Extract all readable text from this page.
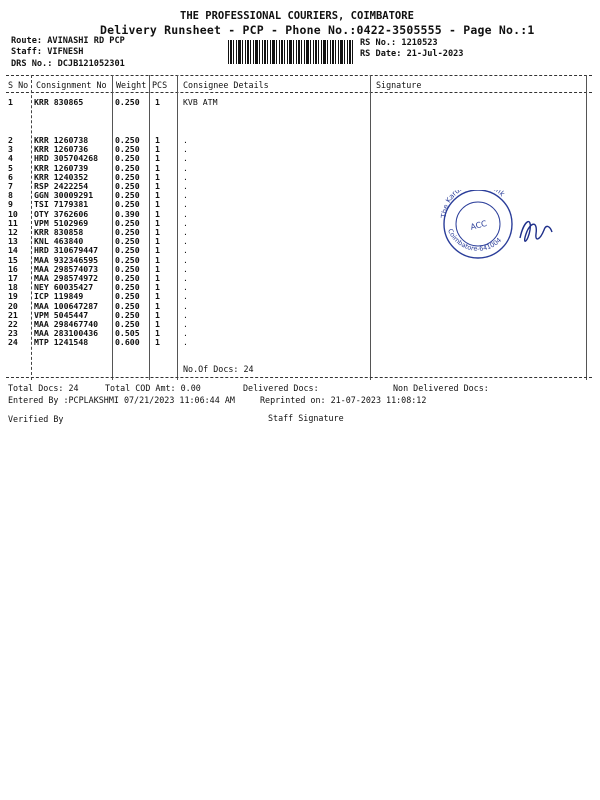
THE PROFESSIONAL COURIERS, COIMBATORE
Delivery Runsheet - PCP - Phone No.:0422-3505555 - Page No.:1
Route: AVINASHI RD PCP
Staff: VIFNESH
DRS No.: DCJB121052301
RS No.: 1210523
RS Date: 21-Jul-2023
S No Consignment No Weight PCS Consignee Details	Signature
1	KRR 830865	0.250 1	KVB ATM
2	KRR 1260738	0.250 1	.
3	KRR 1260736	0.250 1	.
4	HRD 305704268 0.250 1	.
5	KRR 1260739	0.250 1	.
6	KRR 1240352	0.250 1	.
7	RSP 2422254	0.250 1	.
8	GGN 30009291	0.250 1	.
9	TSI 7179381	0.250 1	.
10 OTY 3762606	0.390 1	.
11 VPM 5102969	0.250 1	.
12 KRR 830858	0.250 1	.
13 KNL 463840	0.250 1	.
14 HRD 310679447 0.250 1	.
15 MAA 932346595 0.250 1	.
16 MAA 298574073 0.250 1	.
17 MAA 298574972 0.250 1	.
18 NEY 60035427	0.250 1	.
19 ICP 119849	0.250 1	.
20 MAA 100647287 0.250 1	.
21 VPM 5045447	0.250 1	.
22 MAA 298467740 0.250 1	.
23 MAA 283100436 0.505 1	.
24 MTP 1241548	0.600 1	.
No.Of Docs: 24
Total Docs: 24	Total COD Amt: 0.00	Delivered Docs:	Non Delivered Docs:
Entered By :PCPLAKSHMI 07/21/2023 11:06:44 AM	Reprinted on: 21-07-2023 11:08:12
Verified By	Staff Signature
The Karu nk
Coimbatore-641004
ACC
